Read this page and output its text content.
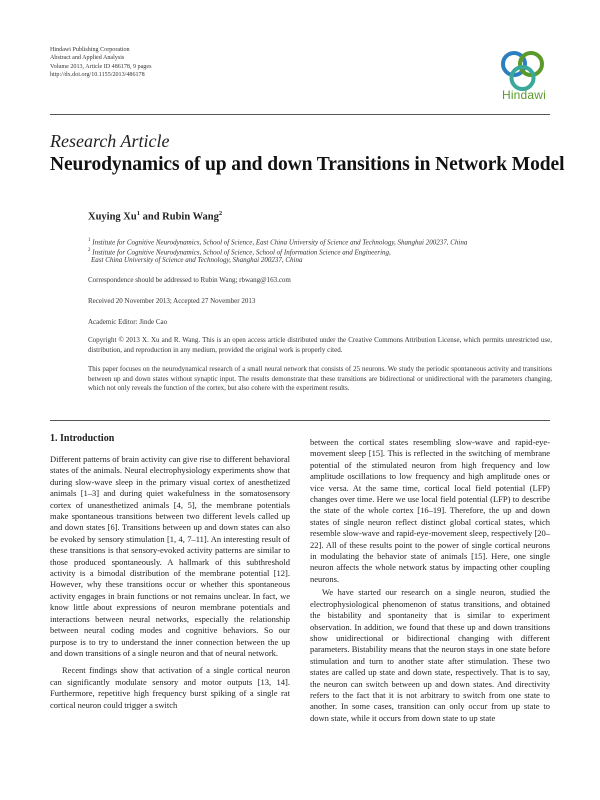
Hindawi Publishing Corporation
Abstract and Applied Analysis
Volume 2013, Article ID 486178, 9 pages
http://dx.doi.org/10.1155/2013/486178
Hindawi
Research Article
Neurodynamics of up and down Transitions in Network Model
Xuying Xu$^1$ and Rubin Wang$^2$
$^1$ Institute for Cognitive Neurodynamics, School of Science, East China University of Science and Technology, Shanghai 200237, China
$^2$ Institute for Cognitive Neurodynamics, School of Science, School of Information Science and Engineering,
East China University of Science and Technology, Shanghai 200237, China
Correspondence should be addressed to Rubin Wang; rbwang@163.com
Received 20 November 2013; Accepted 27 November 2013
Academic Editor: Jinde Cao
Copyright © 2013 X. Xu and R. Wang. This is an open access article distributed under the Creative Commons Attribution License, which permits unrestricted use, distribution, and reproduction in any medium, provided the original work is properly cited.
This paper focuses on the neurodynamical research of a small neural network that consists of 25 neurons. We study the periodic spontaneous activity and transitions between up and down states without synaptic input. The results demonstrate that these transitions are bidirectional or unidirectional with the parameters changing, which not only reveals the function of the cortex, but also cohere with the experiment results.
1. Introduction

Different patterns of brain activity can give rise to different behavioral states of the animals. Neural electrophysiology experiments show that during slow-wave sleep in the primary visual cortex of anesthetized animals [1–3] and during quiet wakefulness in the somatosensory cortex of unanesthetized animals [4, 5], the membrane potentials make spontaneous transitions between two different levels called up and down states [6]. Transitions between up and down states can also be evoked by sensory stimulation [1, 4, 7–11]. An interesting result of these transitions is that sensory-evoked activity patterns are similar to those produced spontaneously. A hallmark of this subthreshold activity is a bimodal distribution of the membrane potential [12]. However, why these transitions occur or whether this spontaneous activity engages in brain functions or not remains unclear. In fact, we know little about expressions of neuron membrane potentials and interactions between neural networks, especially the relationship between neural coding modes and cognitive behaviors. So our purpose is to try to understand the inner connection between the up and down transitions of a single neuron and that of neural network.

Recent findings show that activation of a single cortical neuron can significantly modulate sensory and motor outputs [13, 14]. Furthermore, repetitive high frequency burst spiking of a single rat cortical neuron could trigger a switch

between the cortical states resembling slow-wave and rapid-eye-movement sleep [15]. This is reflected in the switching of membrane potential of the stimulated neuron from high frequency and low amplitude oscillations to low frequency and high amplitude ones or vice versa. At the same time, cortical local field potential (LFP) changes over time. Here we use local field potential (LFP) to describe the state of the whole cortex [16–19]. Therefore, the up and down states of single neuron reflect distinct global cortical states, which resemble slow-wave and rapid-eye-movement sleep, respectively [20–22]. All of these results point to the power of single cortical neurons in modulating the behavior state of animals [15]. Here, one single neuron affects the whole network status by impacting other coupling neurons.

We have started our research on a single neuron, studied the electrophysiological phenomenon of status transitions, and obtained the bistability and spontaneity that is similar to experiment observation. In addition, we found that these up and down transitions show unidirectional or bidirectional changing with different parameters. Bistability means that the neuron stays in one state before stimulation and turn to another state after stimulation. These two states are called up state and down state, respectively. That is to say, the neuron can switch between up and down states. And directivity refers to the fact that it is not arbitrary to switch from one state to another. In some cases, transition can only occur from up state to down state, while it occurs from down state to up state
